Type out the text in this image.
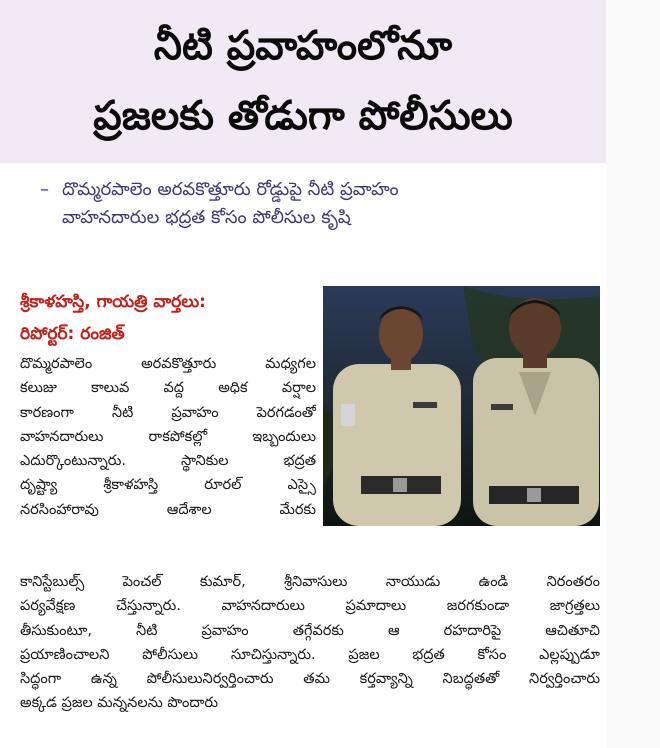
నీటి ప్రవాహంలోనూ
ప్రజలకు తోడుగా పోలీసులు
– దొమ్మరపాలెం అరవకొత్తూరు రోడ్డుపై నీటి ప్రవాహం
వాహనదారుల భద్రత కోసం పోలీసుల కృషి
శ్రీకాళహస్తి, గాయత్రి వార్తలు:
రిపోర్టర్: రంజిత్
దొమ్మరపాలెం అరవకొత్తూరు మధ్యగల
కలుజు కాలువ వద్ద అధిక వర్షాల
కారణంగా నీటి ప్రవాహం పెరగడంతో
వాహనదారులు రాకపోకల్లో ఇబ్బందులు
ఎదుర్కొంటున్నారు. స్థానికుల భద్రత
దృష్ట్యా శ్రీకాళహస్తి రూరల్ ఎస్సై
నరసింహారావు ఆదేశాల మేరకు
కానిస్టేబుల్స్ పెంచల్ కుమార్, శ్రీనివాసులు నాయుడు ఉండి నిరంతరం
పర్యవేక్షణ చేస్తున్నారు. వాహనదారులు ప్రమాదాలు జరగకుండా జాగ్రత్తలు
తీసుకుంటూ, నీటి ప్రవాహం తగ్గేవరకు ఆ రహదారిపై ఆచితూచి
ప్రయాణించాలని పోలీసులు సూచిస్తున్నారు. ప్రజల భద్రత కోసం ఎల్లప్పుడూ
సిద్ధంగా ఉన్న పోలీసులునిర్వర్తించారు తమ కర్తవ్యాన్ని నిబద్ధతతో నిర్వర్తించారు
అక్కడ ప్రజల మన్ననలను పొందారు
